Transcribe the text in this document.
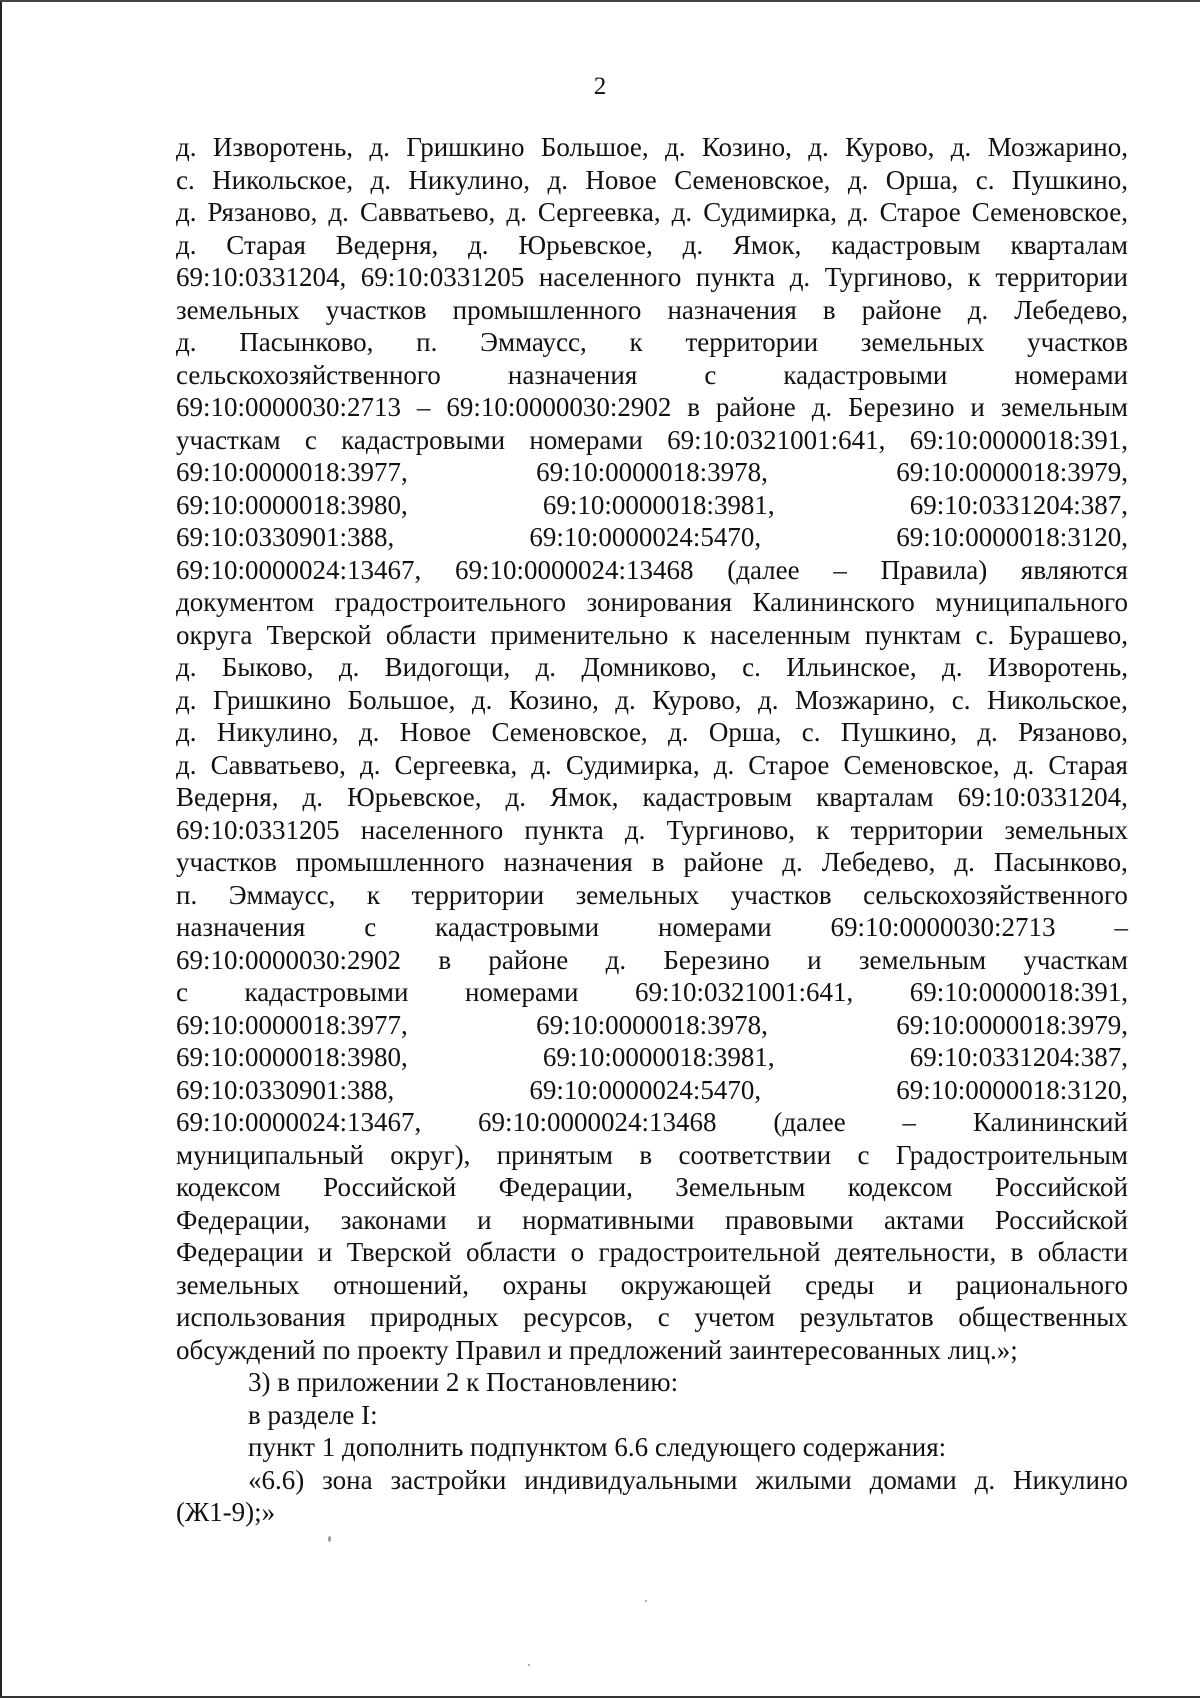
2
д. Изворотень, д. Гришкино Большое, д. Козино, д. Курово, д. Мозжарино,
с. Никольское, д. Никулино, д. Новое Семеновское, д. Орша, с. Пушкино,
д. Рязаново, д. Савватьево, д. Сергеевка, д. Судимирка, д. Старое Семеновское,
д. Старая Ведерня, д. Юрьевское, д. Ямок, кадастровым кварталам
69:10:0331204, 69:10:0331205 населенного пункта д. Тургиново, к территории
земельных участков промышленного назначения в районе д. Лебедево,
д. Пасынково, п. Эммаусс, к территории земельных участков
сельскохозяйственного назначения с кадастровыми номерами
69:10:0000030:2713 – 69:10:0000030:2902 в районе д. Березино и земельным
участкам с кадастровыми номерами 69:10:0321001:641, 69:10:0000018:391,
69:10:0000018:3977,	69:10:0000018:3978,	69:10:0000018:3979,
69:10:0000018:3980,	69:10:0000018:3981,	69:10:0331204:387,
69:10:0330901:388,	69:10:0000024:5470,	69:10:0000018:3120,
69:10:0000024:13467, 69:10:0000024:13468 (далее – Правила) являются
документом градостроительного зонирования Калининского муниципального
округа Тверской области применительно к населенным пунктам с. Бурашево,
д. Быково, д. Видогощи, д. Домниково, с. Ильинское, д. Изворотень,
д. Гришкино Большое, д. Козино, д. Курово, д. Мозжарино, с. Никольское,
д. Никулино, д. Новое Семеновское, д. Орша, с. Пушкино, д. Рязаново,
д. Савватьево, д. Сергеевка, д. Судимирка, д. Старое Семеновское, д. Старая
Ведерня, д. Юрьевское, д. Ямок, кадастровым кварталам 69:10:0331204,
69:10:0331205 населенного пункта д. Тургиново, к территории земельных
участков промышленного назначения в районе д. Лебедево, д. Пасынково,
п. Эммаусс, к территории земельных участков сельскохозяйственного
назначения с кадастровыми номерами 69:10:0000030:2713 –
69:10:0000030:2902 в районе д. Березино и земельным участкам
с кадастровыми номерами 69:10:0321001:641, 69:10:0000018:391,
69:10:0000018:3977,	69:10:0000018:3978,	69:10:0000018:3979,
69:10:0000018:3980,	69:10:0000018:3981,	69:10:0331204:387,
69:10:0330901:388,	69:10:0000024:5470,	69:10:0000018:3120,
69:10:0000024:13467, 69:10:0000024:13468 (далее – Калининский
муниципальный округ), принятым в соответствии с Градостроительным
кодексом Российской Федерации, Земельным кодексом Российской
Федерации, законами и нормативными правовыми актами Российской
Федерации и Тверской области о градостроительной деятельности, в области
земельных отношений, охраны окружающей среды и рационального
использования природных ресурсов, с учетом результатов общественных
обсуждений по проекту Правил и предложений заинтересованных лиц.»;
3) в приложении 2 к Постановлению:
в разделе I:
пункт 1 дополнить подпунктом 6.6 следующего содержания:
«6.6) зона застройки индивидуальными жилыми домами д. Никулино
(Ж1-9);»
